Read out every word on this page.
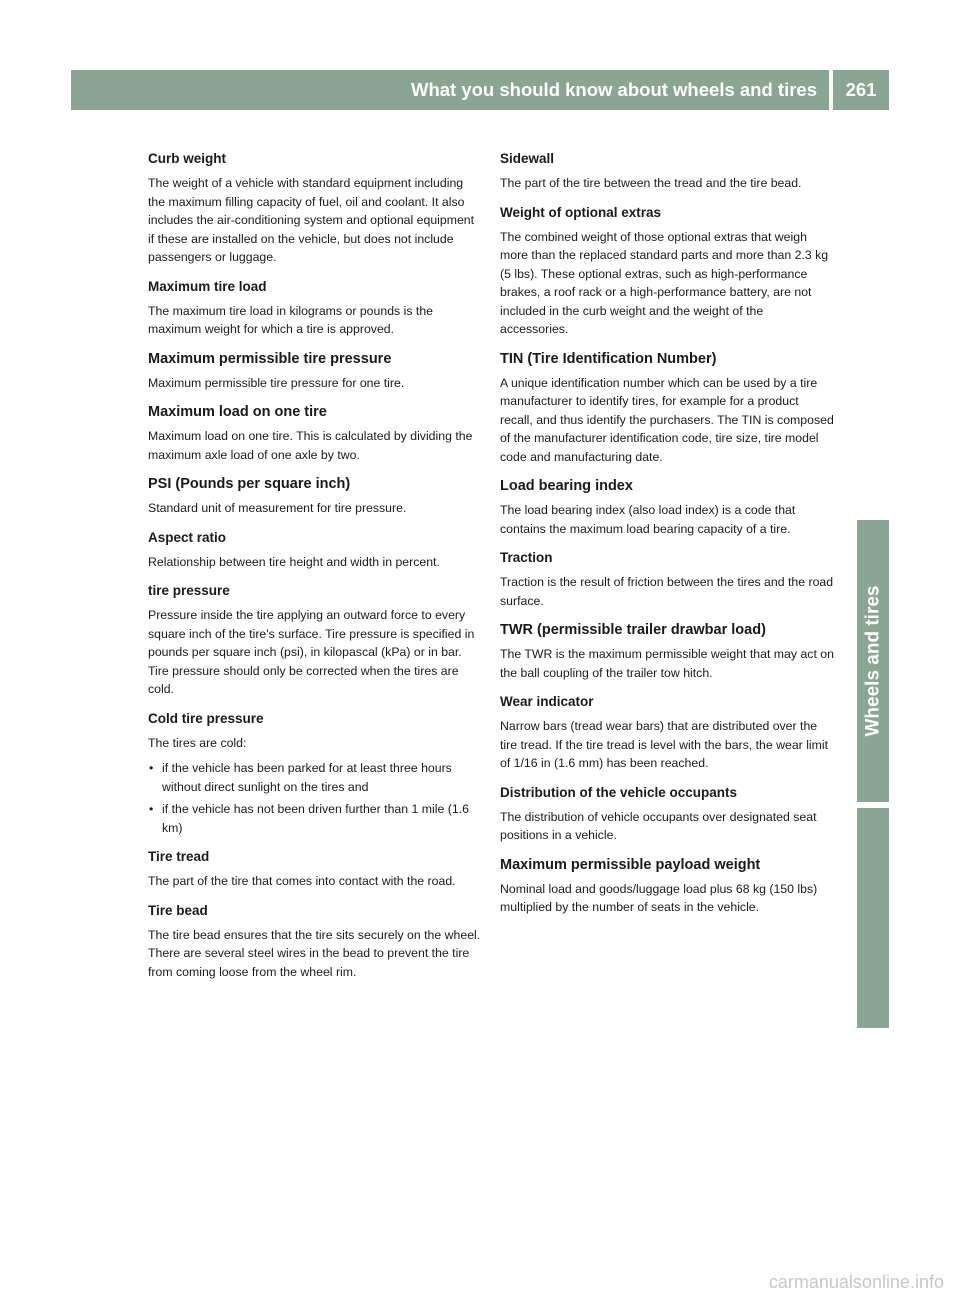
What you should know about wheels and tires 261
Wheels and tires
Curb weight

The weight of a vehicle with standard equipment including the maximum filling capacity of fuel, oil and coolant. It also includes the air-conditioning system and optional equipment if these are installed on the vehicle, but does not include passengers or luggage.

Maximum tire load

The maximum tire load in kilograms or pounds is the maximum weight for which a tire is approved.

Maximum permissible tire pressure

Maximum permissible tire pressure for one tire.

Maximum load on one tire

Maximum load on one tire. This is calculated by dividing the maximum axle load of one axle by two.

PSI (Pounds per square inch)

Standard unit of measurement for tire pressure.

Aspect ratio

Relationship between tire height and width in percent.

tire pressure

Pressure inside the tire applying an outward force to every square inch of the tire's surface. Tire pressure is specified in pounds per square inch (psi), in kilopascal (kPa) or in bar. Tire pressure should only be corrected when the tires are cold.

Cold tire pressure

The tires are cold:

• if the vehicle has been parked for at least three hours without direct sunlight on the tires and
• if the vehicle has not been driven further than 1 mile (1.6 km)
Tire tread

The part of the tire that comes into contact with the road.

Tire bead

The tire bead ensures that the tire sits securely on the wheel. There are several steel wires in the bead to prevent the tire from coming loose from the wheel rim.

Sidewall

The part of the tire between the tread and the tire bead.

Weight of optional extras

The combined weight of those optional extras that weigh more than the replaced standard parts and more than 2.3 kg (5 lbs). These optional extras, such as high-performance brakes, a roof rack or a high-performance battery, are not included in the curb weight and the weight of the accessories.

TIN (Tire Identification Number)

A unique identification number which can be used by a tire manufacturer to identify tires, for example for a product recall, and thus identify the purchasers. The TIN is composed of the manufacturer identification code, tire size, tire model code and manufacturing date.

Load bearing index

The load bearing index (also load index) is a code that contains the maximum load bearing capacity of a tire.

Traction

Traction is the result of friction between the tires and the road surface.

TWR (permissible trailer drawbar load)

The TWR is the maximum permissible weight that may act on the ball coupling of the trailer tow hitch.

Wear indicator

Narrow bars (tread wear bars) that are distributed over the tire tread. If the tire tread is level with the bars, the wear limit of 1/16 in (1.6 mm) has been reached.

Distribution of the vehicle occupants

The distribution of vehicle occupants over designated seat positions in a vehicle.

Maximum permissible payload weight

Nominal load and goods/luggage load plus 68 kg (150 lbs) multiplied by the number of seats in the vehicle.

carmanualsonline.info
